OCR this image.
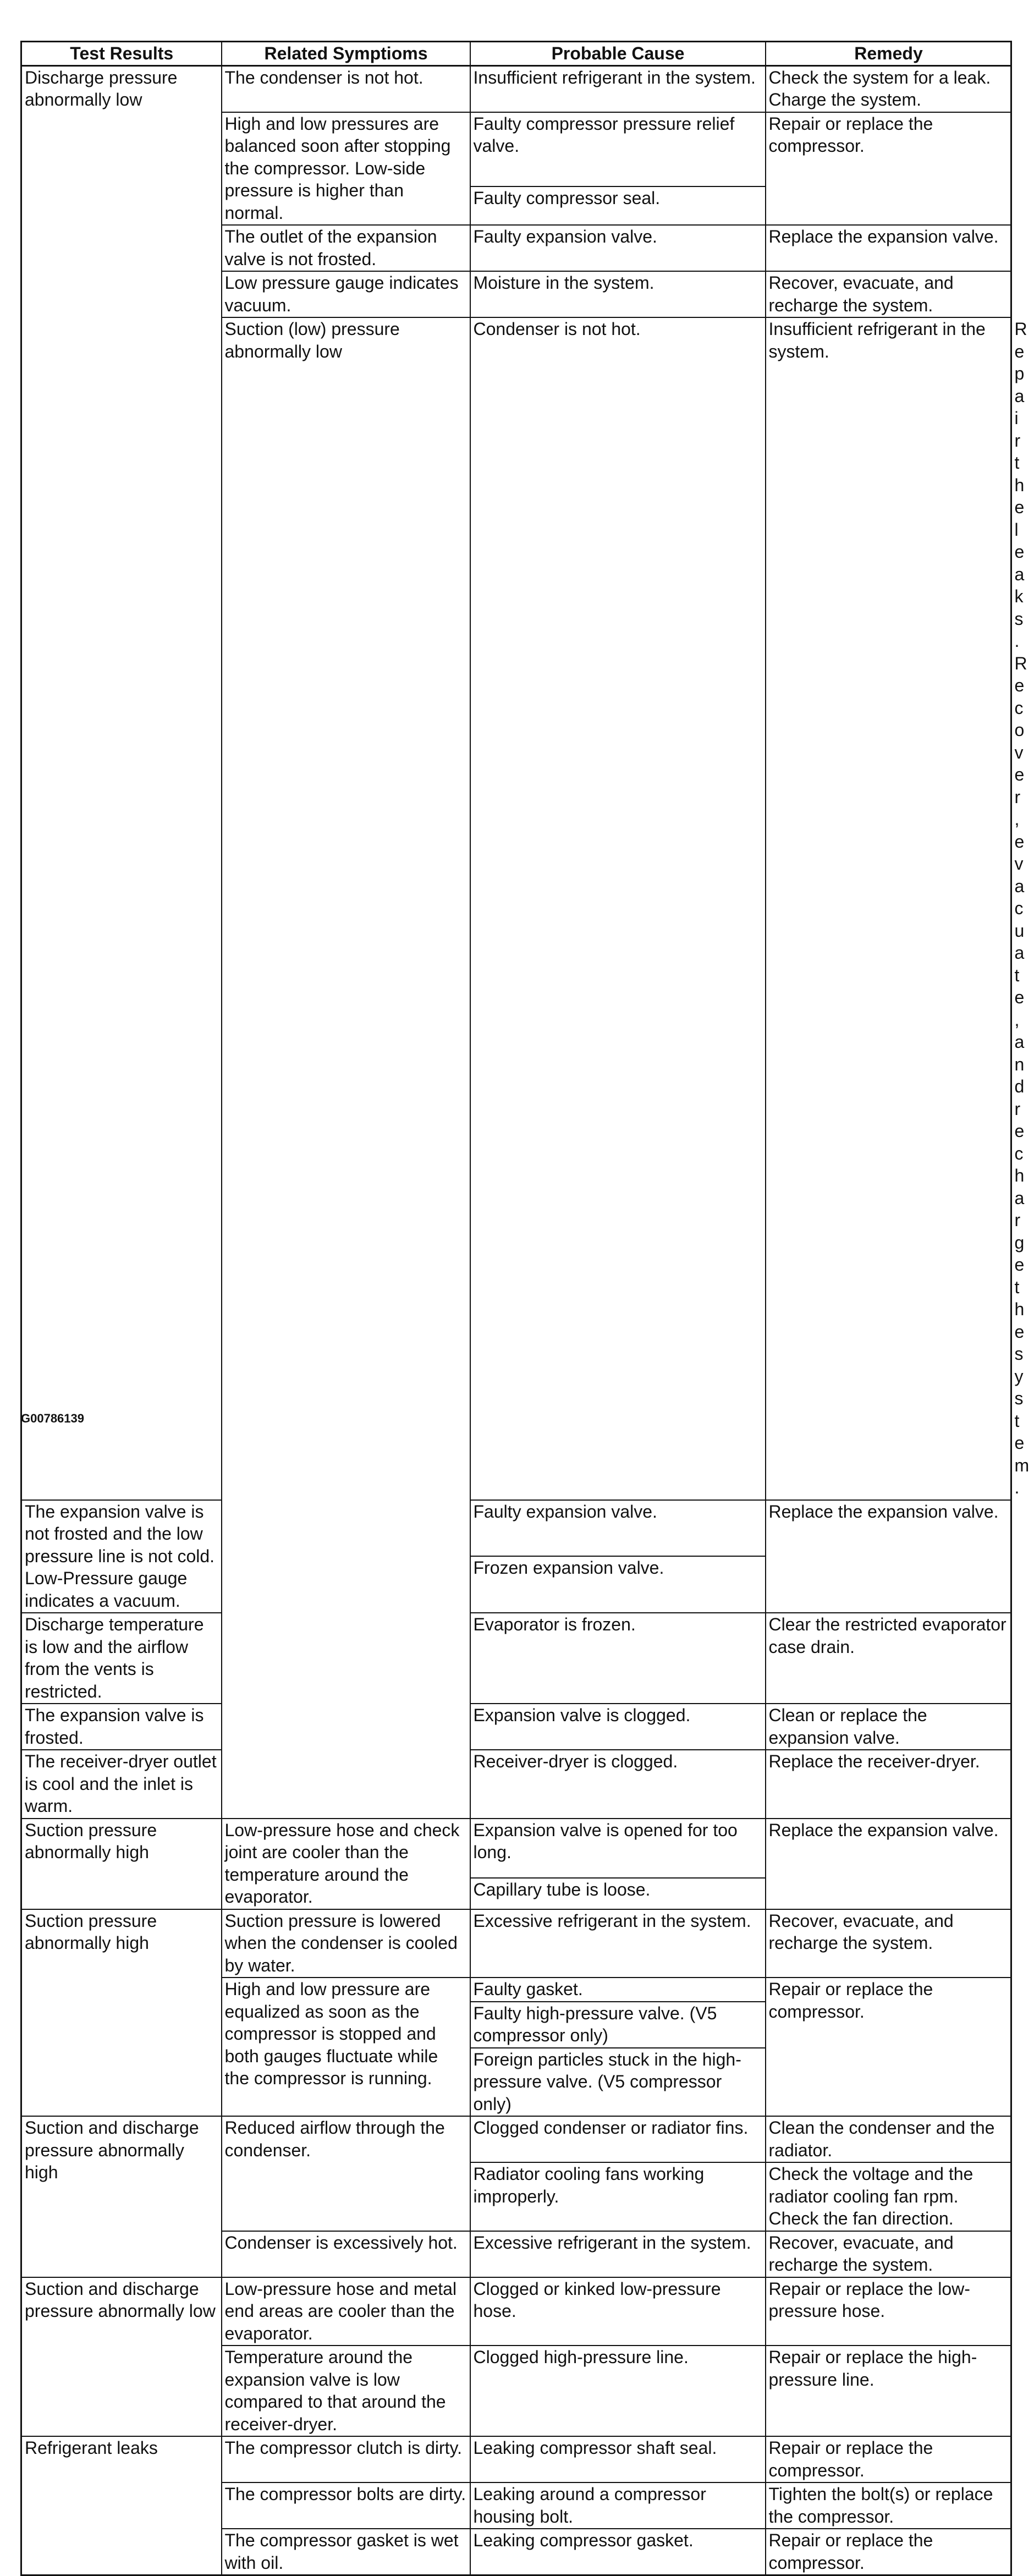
Test Results	Related Symptioms	Probable Cause	Remedy	
Discharge pressure abnormally low	The condenser is not hot.	Insufficient refrigerant in the system.	Check the system for a leak. Charge the system.	
	High and low pressures are balanced soon after stopping the compressor. Low-side pressure is higher than normal.	Faulty compressor pressure relief valve.	Repair or replace the compressor.	
		Faulty compressor seal.		
	The outlet of the expansion valve is not frosted.	Faulty expansion valve.	Replace the expansion valve.	
	Low pressure gauge indicates vacuum.	Moisture in the system.	Recover, evacuate, and recharge the system.	
	Suction (low) pressure abnormally low	Condenser is not hot.	Insufficient refrigerant in the system.	Repair the leaks. Recover, evacuate, and recharge the system.
The expansion valve is not frosted and the low pressure line is not cold. Low-Pressure gauge indicates a vacuum.		Faulty expansion valve.	Replace the expansion valve.	
		Frozen expansion valve.		
Discharge temperature is low and the airflow from the vents is restricted.		Evaporator is frozen.	Clear the restricted evaporator case drain.	
The expansion valve is frosted.		Expansion valve is clogged.	Clean or replace the expansion valve.	
The receiver-dryer outlet is cool and the inlet is warm.		Receiver-dryer is clogged.	Replace the receiver-dryer.	
Suction pressure abnormally high	Low-pressure hose and check joint are cooler than the temperature around the evaporator.	Expansion valve is opened for too long.	Replace the expansion valve.	
		Capillary tube is loose.		
Suction pressure abnormally high	Suction pressure is lowered when the condenser is cooled by water.	Excessive refrigerant in the system.	Recover, evacuate, and recharge the system.	
	High and low pressure are equalized as soon as the compressor is stopped and both gauges fluctuate while the compressor is running.	Faulty gasket.	Repair or replace the compressor.	
		Faulty high-pressure valve. (V5 compressor only)		
		Foreign particles stuck in the high-pressure valve. (V5 compressor only)		
Suction and discharge pressure abnormally high	Reduced airflow through the condenser.	Clogged condenser or radiator fins.	Clean the condenser and the radiator.	
		Radiator cooling fans working improperly.	Check the voltage and the radiator cooling fan rpm. Check the fan direction.	
	Condenser is excessively hot.	Excessive refrigerant in the system.	Recover, evacuate, and recharge the system.	
Suction and discharge pressure abnormally low	Low-pressure hose and metal end areas are cooler than the evaporator.	Clogged or kinked low-pressure hose.	Repair or replace the low-pressure hose.	
	Temperature around the expansion valve is low compared to that around the receiver-dryer.	Clogged high-pressure line.	Repair or replace the high-pressure line.	
Refrigerant leaks	The compressor clutch is dirty.	Leaking compressor shaft seal.	Repair or replace the compressor.	
	The compressor bolts are dirty.	Leaking around a compressor housing bolt.	Tighten the bolt(s) or replace the compressor.	
	The compressor gasket is wet with oil.	Leaking compressor gasket.	Repair or replace the compressor.	
G00786139
